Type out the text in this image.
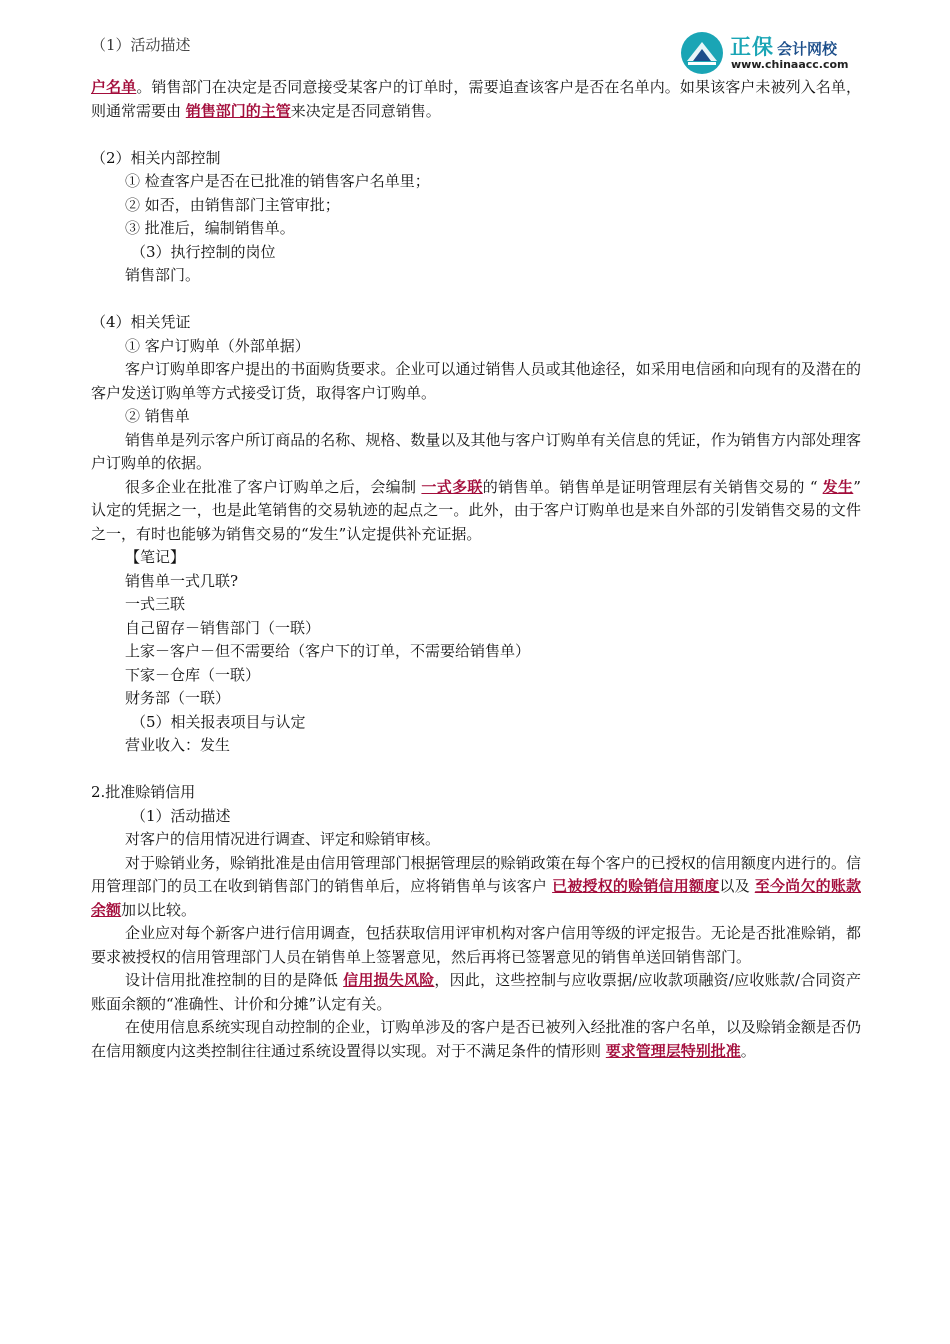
正保 会计网校
www.chinaacc.com
（1）活动描述

户名单。销售部门在决定是否同意接受某客户的订单时，需要追查该客户是否在名单内。如果该客户未被列入名单，则通常需要由 销售部门的主管来决定是否同意销售。

（2）相关内部控制

① 检查客户是否在已批准的销售客户名单里；

② 如否，由销售部门主管审批；

③ 批准后，编制销售单。

（3）执行控制的岗位

销售部门。

（4）相关凭证

① 客户订购单（外部单据）

客户订购单即客户提出的书面购货要求。企业可以通过销售人员或其他途径，如采用电信函和向现有的及潜在的客户发送订购单等方式接受订货，取得客户订购单。

② 销售单

销售单是列示客户所订商品的名称、规格、数量以及其他与客户订购单有关信息的凭证，作为销售方内部处理客户订购单的依据。

很多企业在批准了客户订购单之后，会编制 一式多联的销售单。销售单是证明管理层有关销售交易的 “ 发生” 认定的凭据之一，也是此笔销售的交易轨迹的起点之一。此外，由于客户订购单也是来自外部的引发销售交易的文件之一，有时也能够为销售交易的“发生”认定提供补充证据。

【笔记】

销售单一式几联?

一式三联

自己留存－销售部门（一联）

上家－客户－但不需要给（客户下的订单，不需要给销售单）

下家－仓库（一联）

财务部（一联）

（5）相关报表项目与认定

营业收入：发生

2.批准赊销信用

（1）活动描述

对客户的信用情况进行调查、评定和赊销审核。

对于赊销业务，赊销批准是由信用管理部门根据管理层的赊销政策在每个客户的已授权的信用额度内进行的。信用管理部门的员工在收到销售部门的销售单后，应将销售单与该客户 已被授权的赊销信用额度以及 至今尚欠的账款余额加以比较。

企业应对每个新客户进行信用调查，包括获取信用评审机构对客户信用等级的评定报告。无论是否批准赊销，都要求被授权的信用管理部门人员在销售单上签署意见，然后再将已签署意见的销售单送回销售部门。

设计信用批准控制的目的是降低 信用损失风险，因此，这些控制与应收票据/应收款项融资/应收账款/合同资产账面余额的“准确性、计价和分摊”认定有关。

在使用信息系统实现自动控制的企业，订购单涉及的客户是否已被列入经批准的客户名单，以及赊销金额是否仍在信用额度内这类控制往往通过系统设置得以实现。对于不满足条件的情形则 要求管理层特别批准。
